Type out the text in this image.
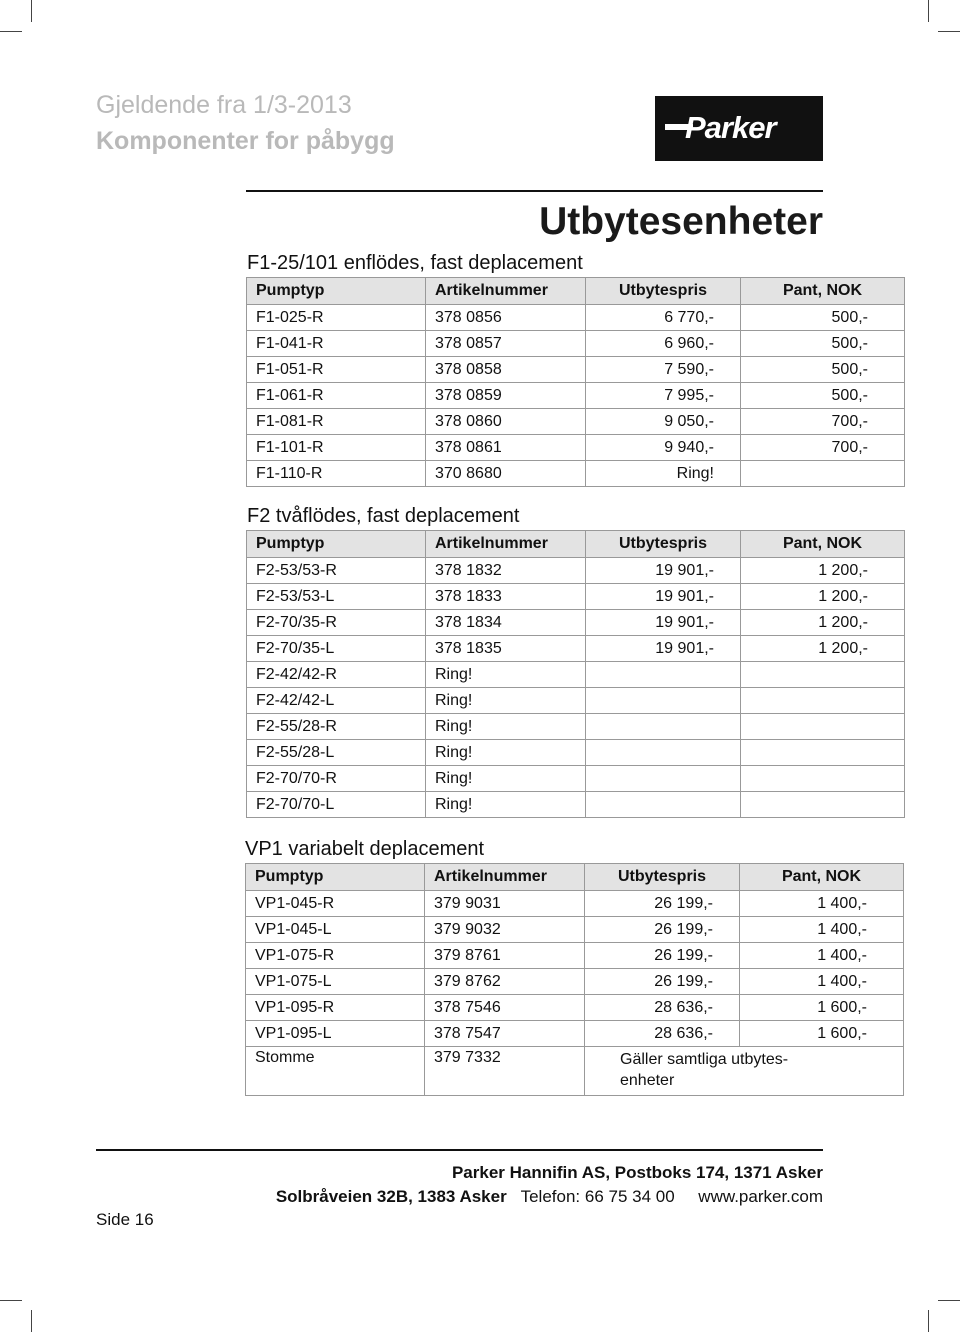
Gjeldende fra 1/3-2013
Komponenter for påbygg	Parker
Utbytesenheter
F1-25/101 enflödes, fast deplacement
Pumptyp	Artikelnummer	Utbytespris	Pant, NOK
F1-025-R	378 0856	6 770,-	500,-
F1-041-R	378 0857	6 960,-	500,-
F1-051-R	378 0858	7 590,-	500,-
F1-061-R	378 0859	7 995,-	500,-
F1-081-R	378 0860	9 050,-	700,-
F1-101-R	378 0861	9 940,-	700,-
F1-110-R	370 8680	Ring!	
F2 tvåflödes, fast deplacement
Pumptyp	Artikelnummer	Utbytespris	Pant, NOK
F2-53/53-R	378 1832	19 901,-	1 200,-
F2-53/53-L	378 1833	19 901,-	1 200,-
F2-70/35-R	378 1834	19 901,-	1 200,-
F2-70/35-L	378 1835	19 901,-	1 200,-
F2-42/42-R	Ring!		
F2-42/42-L	Ring!		
F2-55/28-R	Ring!		
F2-55/28-L	Ring!		
F2-70/70-R	Ring!		
F2-70/70-L	Ring!		
VP1 variabelt deplacement
Pumptyp	Artikelnummer	Utbytespris	Pant, NOK
VP1-045-R	379 9031	26 199,-	1 400,-
VP1-045-L	379 9032	26 199,-	1 400,-
VP1-075-R	379 8761	26 199,-	1 400,-
VP1-075-L	379 8762	26 199,-	1 400,-
VP1-095-R	378 7546	28 636,-	1 600,-
VP1-095-L	378 7547	28 636,-	1 600,-
Stomme	379 7332	Gäller samtliga utbytes-
enheter	
Parker Hannifin AS, Postboks 174, 1371 Asker
Solbråveien 32B, 1383 Asker Telefon: 66 75 34 00 www.parker.com
Side 16
